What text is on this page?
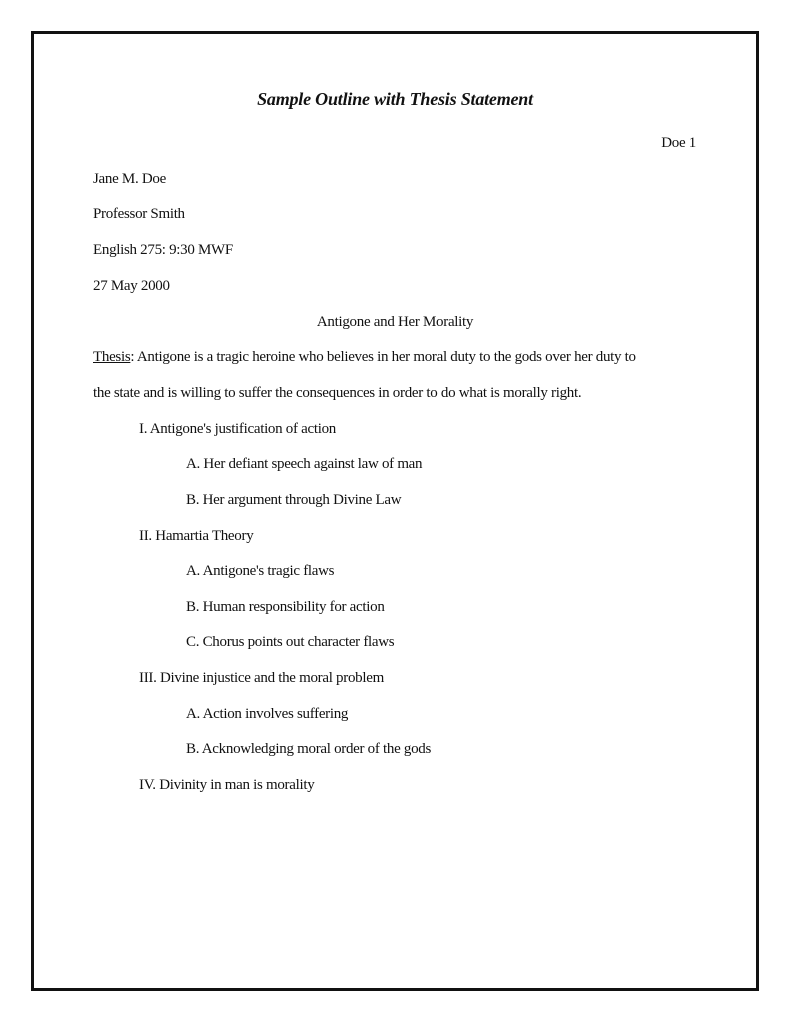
Sample Outline with Thesis Statement
Doe 1
Jane M. Doe
Professor Smith
English 275: 9:30 MWF
27 May 2000
Antigone and Her Morality
Thesis: Antigone is a tragic heroine who believes in her moral duty to the gods over her duty to
the state and is willing to suffer the consequences in order to do what is morally right.
I. Antigone's justification of action
A. Her defiant speech against law of man
B. Her argument through Divine Law
II. Hamartia Theory
A. Antigone's tragic flaws
B. Human responsibility for action
C. Chorus points out character flaws
III. Divine injustice and the moral problem
A. Action involves suffering
B. Acknowledging moral order of the gods
IV. Divinity in man is morality
